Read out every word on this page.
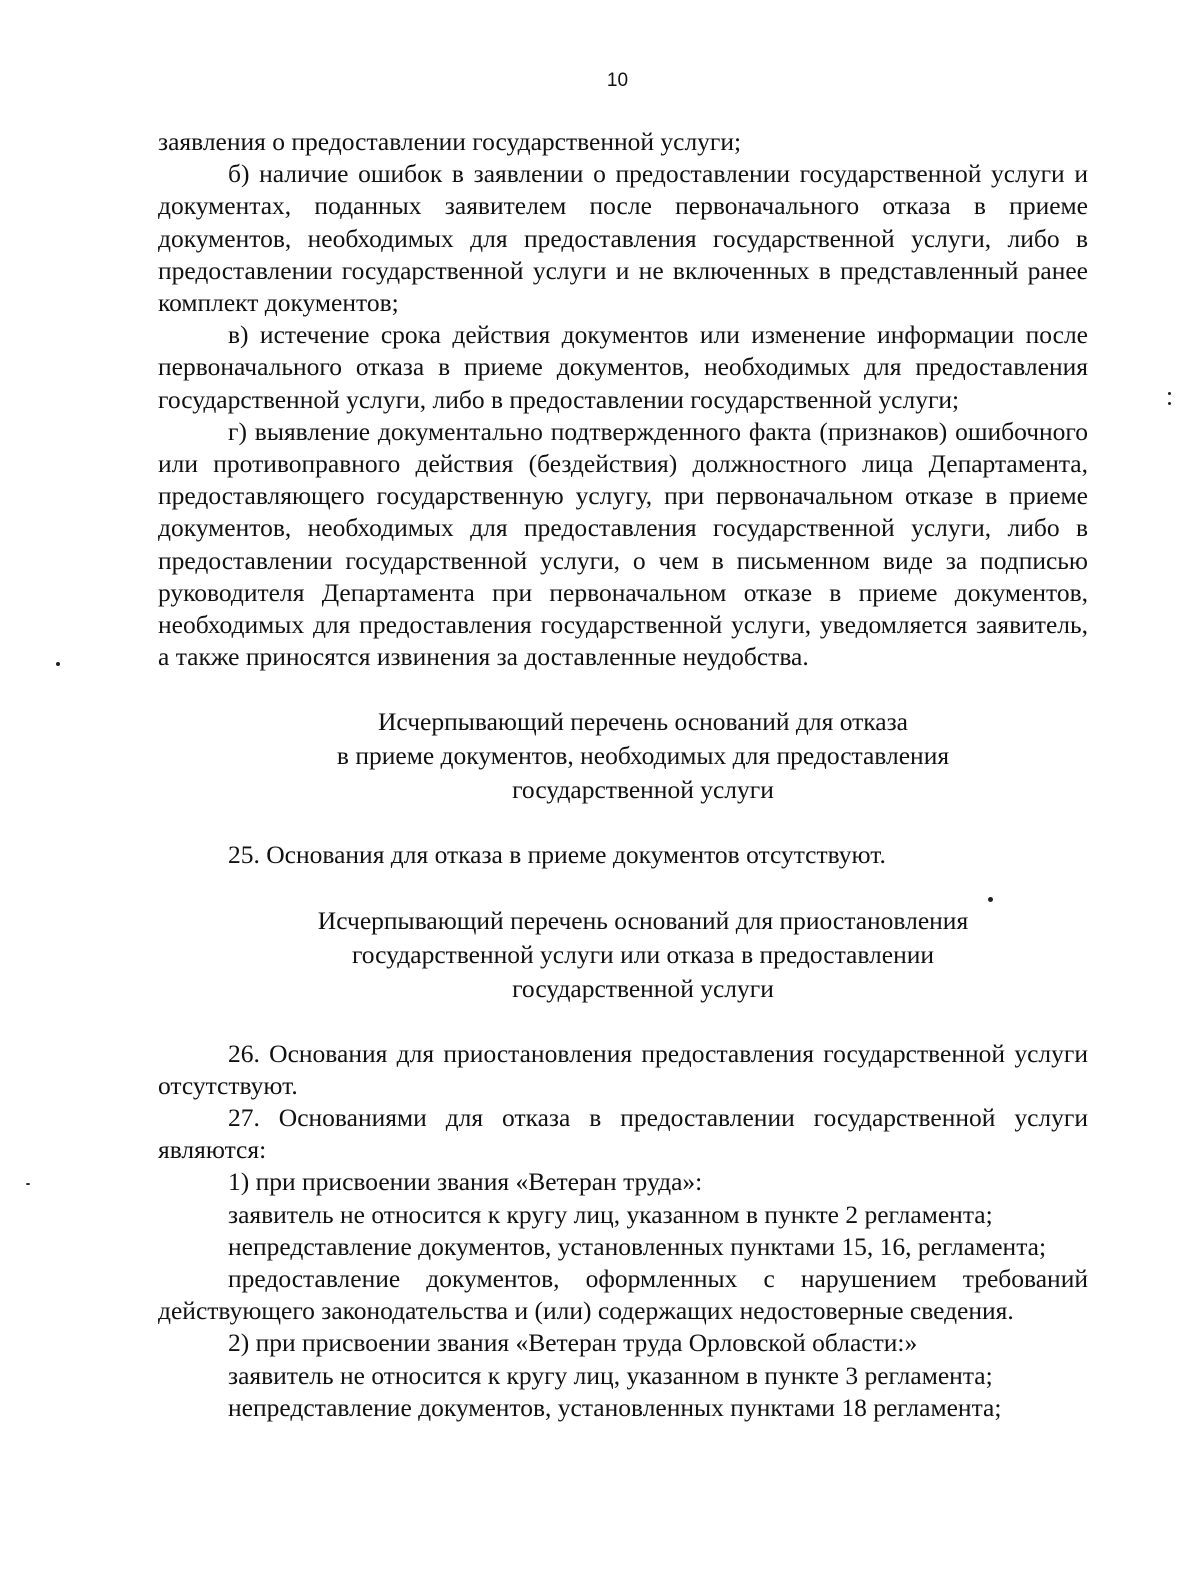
10

заявления о предоставлении государственной услуги;

б) наличие ошибок в заявлении о предоставлении государственной услуги и документах, поданных заявителем после первоначального отказа в приеме документов, необходимых для предоставления государственной услуги, либо в предоставлении государственной услуги и не включенных в представленный ранее комплект документов;

в) истечение срока действия документов или изменение информации после первоначального отказа в приеме документов, необходимых для предоставления государственной услуги, либо в предоставлении государственной услуги;

г) выявление документально подтвержденного факта (признаков) ошибочного или противоправного действия (бездействия) должностного лица Департамента, предоставляющего государственную услугу, при первоначальном отказе в приеме документов, необходимых для предоставления государственной услуги, либо в предоставлении государственной услуги, о чем в письменном виде за подписью руководителя Департамента при первоначальном отказе в приеме документов, необходимых для предоставления государственной услуги, уведомляется заявитель, а также приносятся извинения за доставленные неудобства.

Исчерпывающий перечень оснований для отказа
в приеме документов, необходимых для предоставления
государственной услуги

25. Основания для отказа в приеме документов отсутствуют.

Исчерпывающий перечень оснований для приостановления
государственной услуги или отказа в предоставлении
государственной услуги

26. Основания для приостановления предоставления государственной услуги отсутствуют.

27. Основаниями для отказа в предоставлении государственной услуги являются:

1) при присвоении звания «Ветеран труда»:

заявитель не относится к кругу лиц, указанном в пункте 2 регламента;

непредставление документов, установленных пунктами 15, 16, регламента;

предоставление документов, оформленных с нарушением требований действующего законодательства и (или) содержащих недостоверные сведения.

2) при присвоении звания «Ветеран труда Орловской области:»

заявитель не относится к кругу лиц, указанном в пункте 3 регламента;

непредставление документов, установленных пунктами 18 регламента;
